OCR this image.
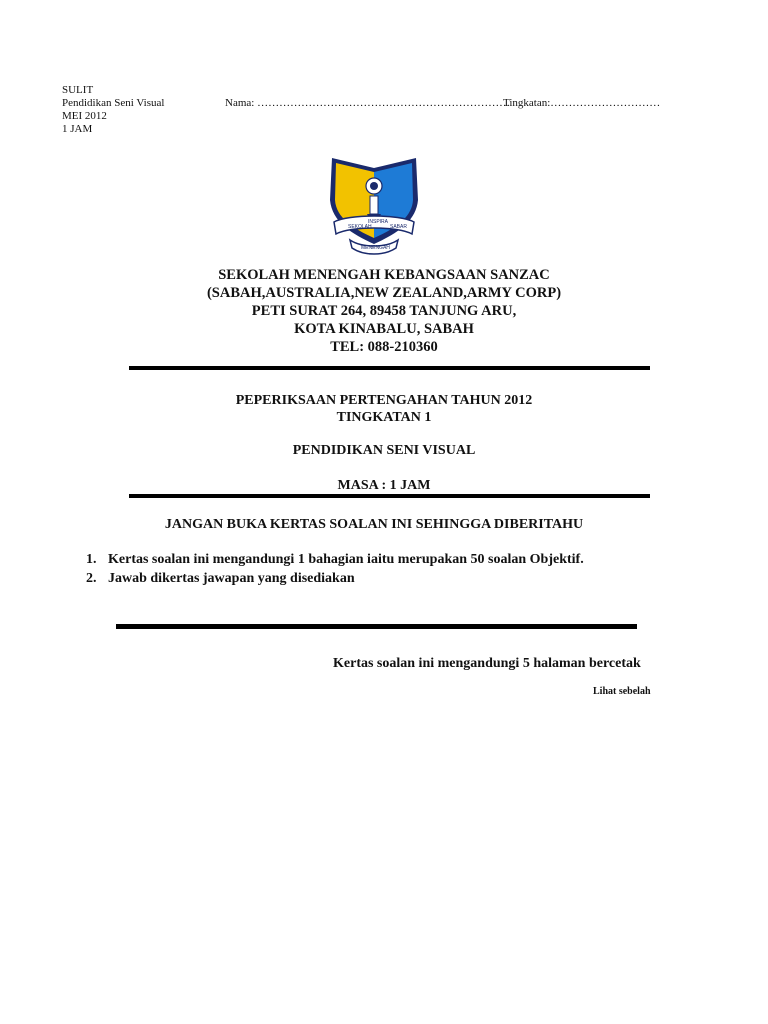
SULIT
Pendidikan Seni Visual
MEI 2012
1 JAM
Nama: ……………………………………………………………
Tingkatan:…………………………
SEKOLAH
INSPIRA
SABAR
MENENGAH
SEKOLAH MENENGAH KEBANGSAAN SANZAC
(SABAH,AUSTRALIA,NEW ZEALAND,ARMY CORP)
PETI SURAT 264, 89458 TANJUNG ARU,
KOTA KINABALU, SABAH
TEL: 088-210360
PEPERIKSAAN PERTENGAHAN TAHUN 2012
TINGKATAN 1
PENDIDIKAN SENI VISUAL
MASA : 1 JAM
JANGAN BUKA KERTAS SOALAN INI SEHINGGA DIBERITAHU
1. Kertas soalan ini mengandungi 1 bahagian iaitu merupakan 50 soalan Objektif.
2. Jawab dikertas jawapan yang disediakan
Kertas soalan ini mengandungi 5 halaman bercetak
Lihat sebelah
